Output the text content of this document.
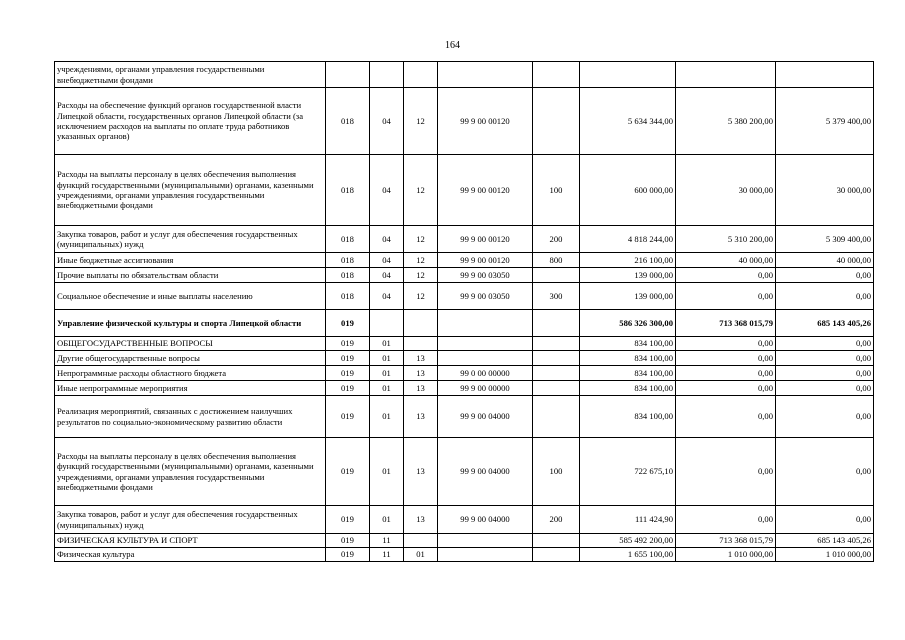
164
учреждениями, органами управления государственными внебюджетными фондами								
Расходы на обеспечение функций органов государственной власти Липецкой области, государственных органов Липецкой области (за исключением расходов на выплаты по оплате труда работников указанных органов)	018	04	12	99 9 00 00120		5 634 344,00	5 380 200,00	5 379 400,00
Расходы на выплаты персоналу в целях обеспечения выполнения функций государственными (муниципальными) органами, казенными учреждениями, органами управления государственными внебюджетными фондами	018	04	12	99 9 00 00120	100	600 000,00	30 000,00	30 000,00
Закупка товаров, работ и услуг для обеспечения государственных (муниципальных) нужд	018	04	12	99 9 00 00120	200	4 818 244,00	5 310 200,00	5 309 400,00
Иные бюджетные ассигнования	018	04	12	99 9 00 00120	800	216 100,00	40 000,00	40 000,00
Прочие выплаты по обязательствам области	018	04	12	99 9 00 03050		139 000,00	0,00	0,00
Социальное обеспечение и иные выплаты населению	018	04	12	99 9 00 03050	300	139 000,00	0,00	0,00
Управление физической культуры и спорта Липецкой области	019					586 326 300,00	713 368 015,79	685 143 405,26
ОБЩЕГОСУДАРСТВЕННЫЕ ВОПРОСЫ	019	01				834 100,00	0,00	0,00
Другие общегосударственные вопросы	019	01	13			834 100,00	0,00	0,00
Непрограммные расходы областного бюджета	019	01	13	99 0 00 00000		834 100,00	0,00	0,00
Иные непрограммные мероприятия	019	01	13	99 9 00 00000		834 100,00	0,00	0,00
Реализация мероприятий, связанных с достижением наилучших результатов по социально-экономическому развитию области	019	01	13	99 9 00 04000		834 100,00	0,00	0,00
Расходы на выплаты персоналу в целях обеспечения выполнения функций государственными (муниципальными) органами, казенными учреждениями, органами управления государственными внебюджетными фондами	019	01	13	99 9 00 04000	100	722 675,10	0,00	0,00
Закупка товаров, работ и услуг для обеспечения государственных (муниципальных) нужд	019	01	13	99 9 00 04000	200	111 424,90	0,00	0,00
ФИЗИЧЕСКАЯ КУЛЬТУРА И СПОРТ	019	11				585 492 200,00	713 368 015,79	685 143 405,26
Физическая культура	019	11	01			1 655 100,00	1 010 000,00	1 010 000,00
